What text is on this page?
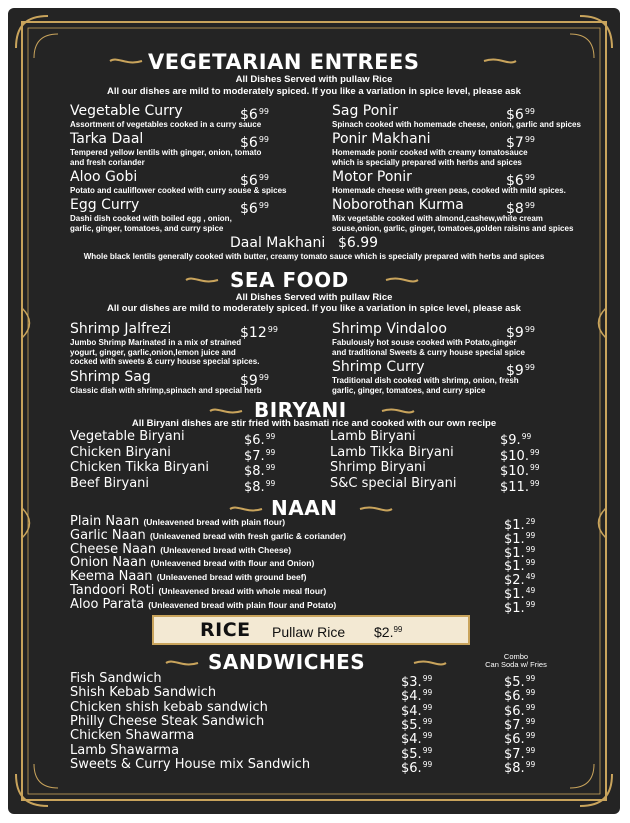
VEGETARIAN ENTREES
All Dishes Served with pullaw Rice
All our dishes are mild to moderately spiced. If you like a variation in spice level, please ask
Vegetable Curry	$\$6^{99}$
Assortment of vegetables cooked in a curry sauce
Tarka Daal	$\$6^{99}$
Tempered yellow lentils with ginger, onion, tomato
and fresh coriander
Aloo Gobi	$\$6^{99}$
Potato and cauliflower cooked with curry souse & spices
Egg Curry	$\$6^{99}$
Dashi dish cooked with boiled egg , onion,
garlic, ginger, tomatoes, and curry spice
Sag Ponir	$\$6^{99}$
Spinach cooked with homemade cheese, onion, garlic and spices
Ponir Makhani	$\$7^{99}$
Homemade ponir cooked with creamy tomatosauce
which is specially prepared with herbs and spices
Motor Ponir	$\$6^{99}$
Homemade cheese with green peas, cooked with mild spices.
Noborothan Kurma	$\$8^{99}$
Mix vegetable cooked with almond,cashew,white cream
souse,onion, garlic, ginger, tomatoes,golden raisins and spices
Daal Makhani $6.99
Whole black lentils generally cooked with butter, creamy tomato sauce which is specially prepared with herbs and spices
SEA FOOD
All Dishes Served with pullaw Rice
All our dishes are mild to moderately spiced. If you like a variation in spice level, please ask
Shrimp Jalfrezi	$\$12^{99}$
Jumbo Shrimp Marinated in a mix of strained
yogurt, ginger, garlic,onion,lemon juice and
cocked with sweets & curry house special spices.
Shrimp Sag	$\$9^{99}$
Classic dish with shrimp,spinach and special herb
Shrimp Vindaloo	$\$9^{99}$
Fabulously hot souse cooked with Potato,ginger
and traditional Sweets & curry house special spice
Shrimp Curry	$\$9^{99}$
Traditional dish cooked with shrimp, onion, fresh
garlic, ginger, tomatoes, and curry spice
BIRYANI
All Biryani dishes are stir fried with basmati rice and cooked with our own recipe
Vegetable Biryani	$6.99
Chicken Biryani	$7.99
Chicken Tikka Biryani	$8.99
Beef Biryani	$8.99
Lamb Biryani	$9.99
Lamb Tikka Biryani	$10.99
Shrimp Biryani	$10.99
S&C special Biryani	$11.99
NAAN
Plain Naan (Unleavened bread with plain flour)	$1.29
Garlic Naan (Unleavened bread with fresh garlic & coriander)	$1.99
Cheese Naan (Unleavened bread with Cheese)	$1.99
Onion Naan (Unleavened bread with flour and Onion)	$1.99
Keema Naan (Unleavened bread with ground beef)	$2.49
Tandoori Roti (Unleavened bread with whole meal flour)	$1.49
Aloo Parata (Unleavened bread with plain flour and Potato)	$1.99
RICE Pullaw Rice $2.99
SANDWICHES	Combo
Can Soda w/ Fries
Fish Sandwich	$3.99	$5.99
Shish Kebab Sandwich	$4.99	$6.99
Chicken shish kebab sandwich	$4.99	$6.99
Philly Cheese Steak Sandwich	$5.99	$7.99
Chicken Shawarma	$4.99	$6.99
Lamb Shawarma	$5.99	$7.99
Sweets & Curry House mix Sandwich	$6.99	$8.99
